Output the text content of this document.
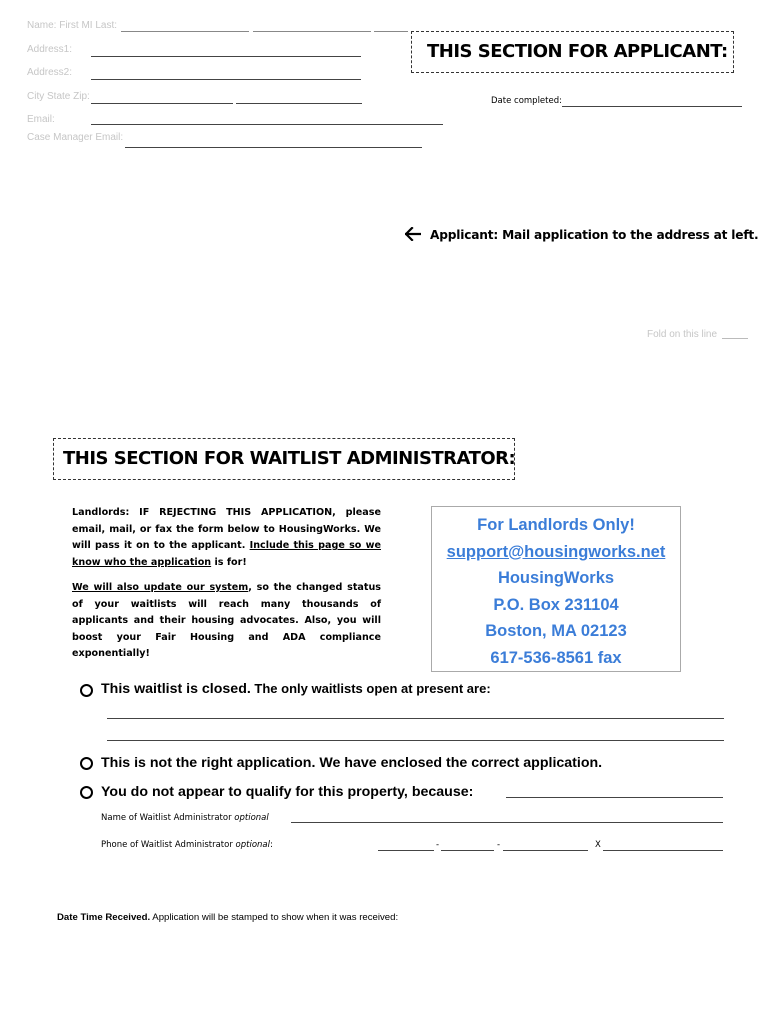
Name: First MI Last:
Address1:
Address2:
City State Zip:
Email:
Case Manager Email:
THIS SECTION FOR APPLICANT:
Date completed:
Applicant: Mail application to the address at left.
Fold on this line
THIS SECTION FOR WAITLIST ADMINISTRATOR:
Landlords: IF REJECTING THIS APPLICATION, please email, mail, or fax the form below to HousingWorks. We will pass it on to the applicant. Include this page so we know who the application is for!
We will also update our system, so the changed status of your waitlists will reach many thousands of applicants and their housing advocates. Also, you will boost your Fair Housing and ADA compliance exponentially!
For Landlords Only!
support@housingworks.net
HousingWorks
P.O. Box 231104
Boston, MA 02123
617-536-8561 fax
This waitlist is closed. The only waitlists open at present are:
This is not the right application. We have enclosed the correct application.
You do not appear to qualify for this property, because:
Name of Waitlist Administrator optional
Phone of Waitlist Administrator optional:	-	-	X
Date Time Received. Application will be stamped to show when it was received:
